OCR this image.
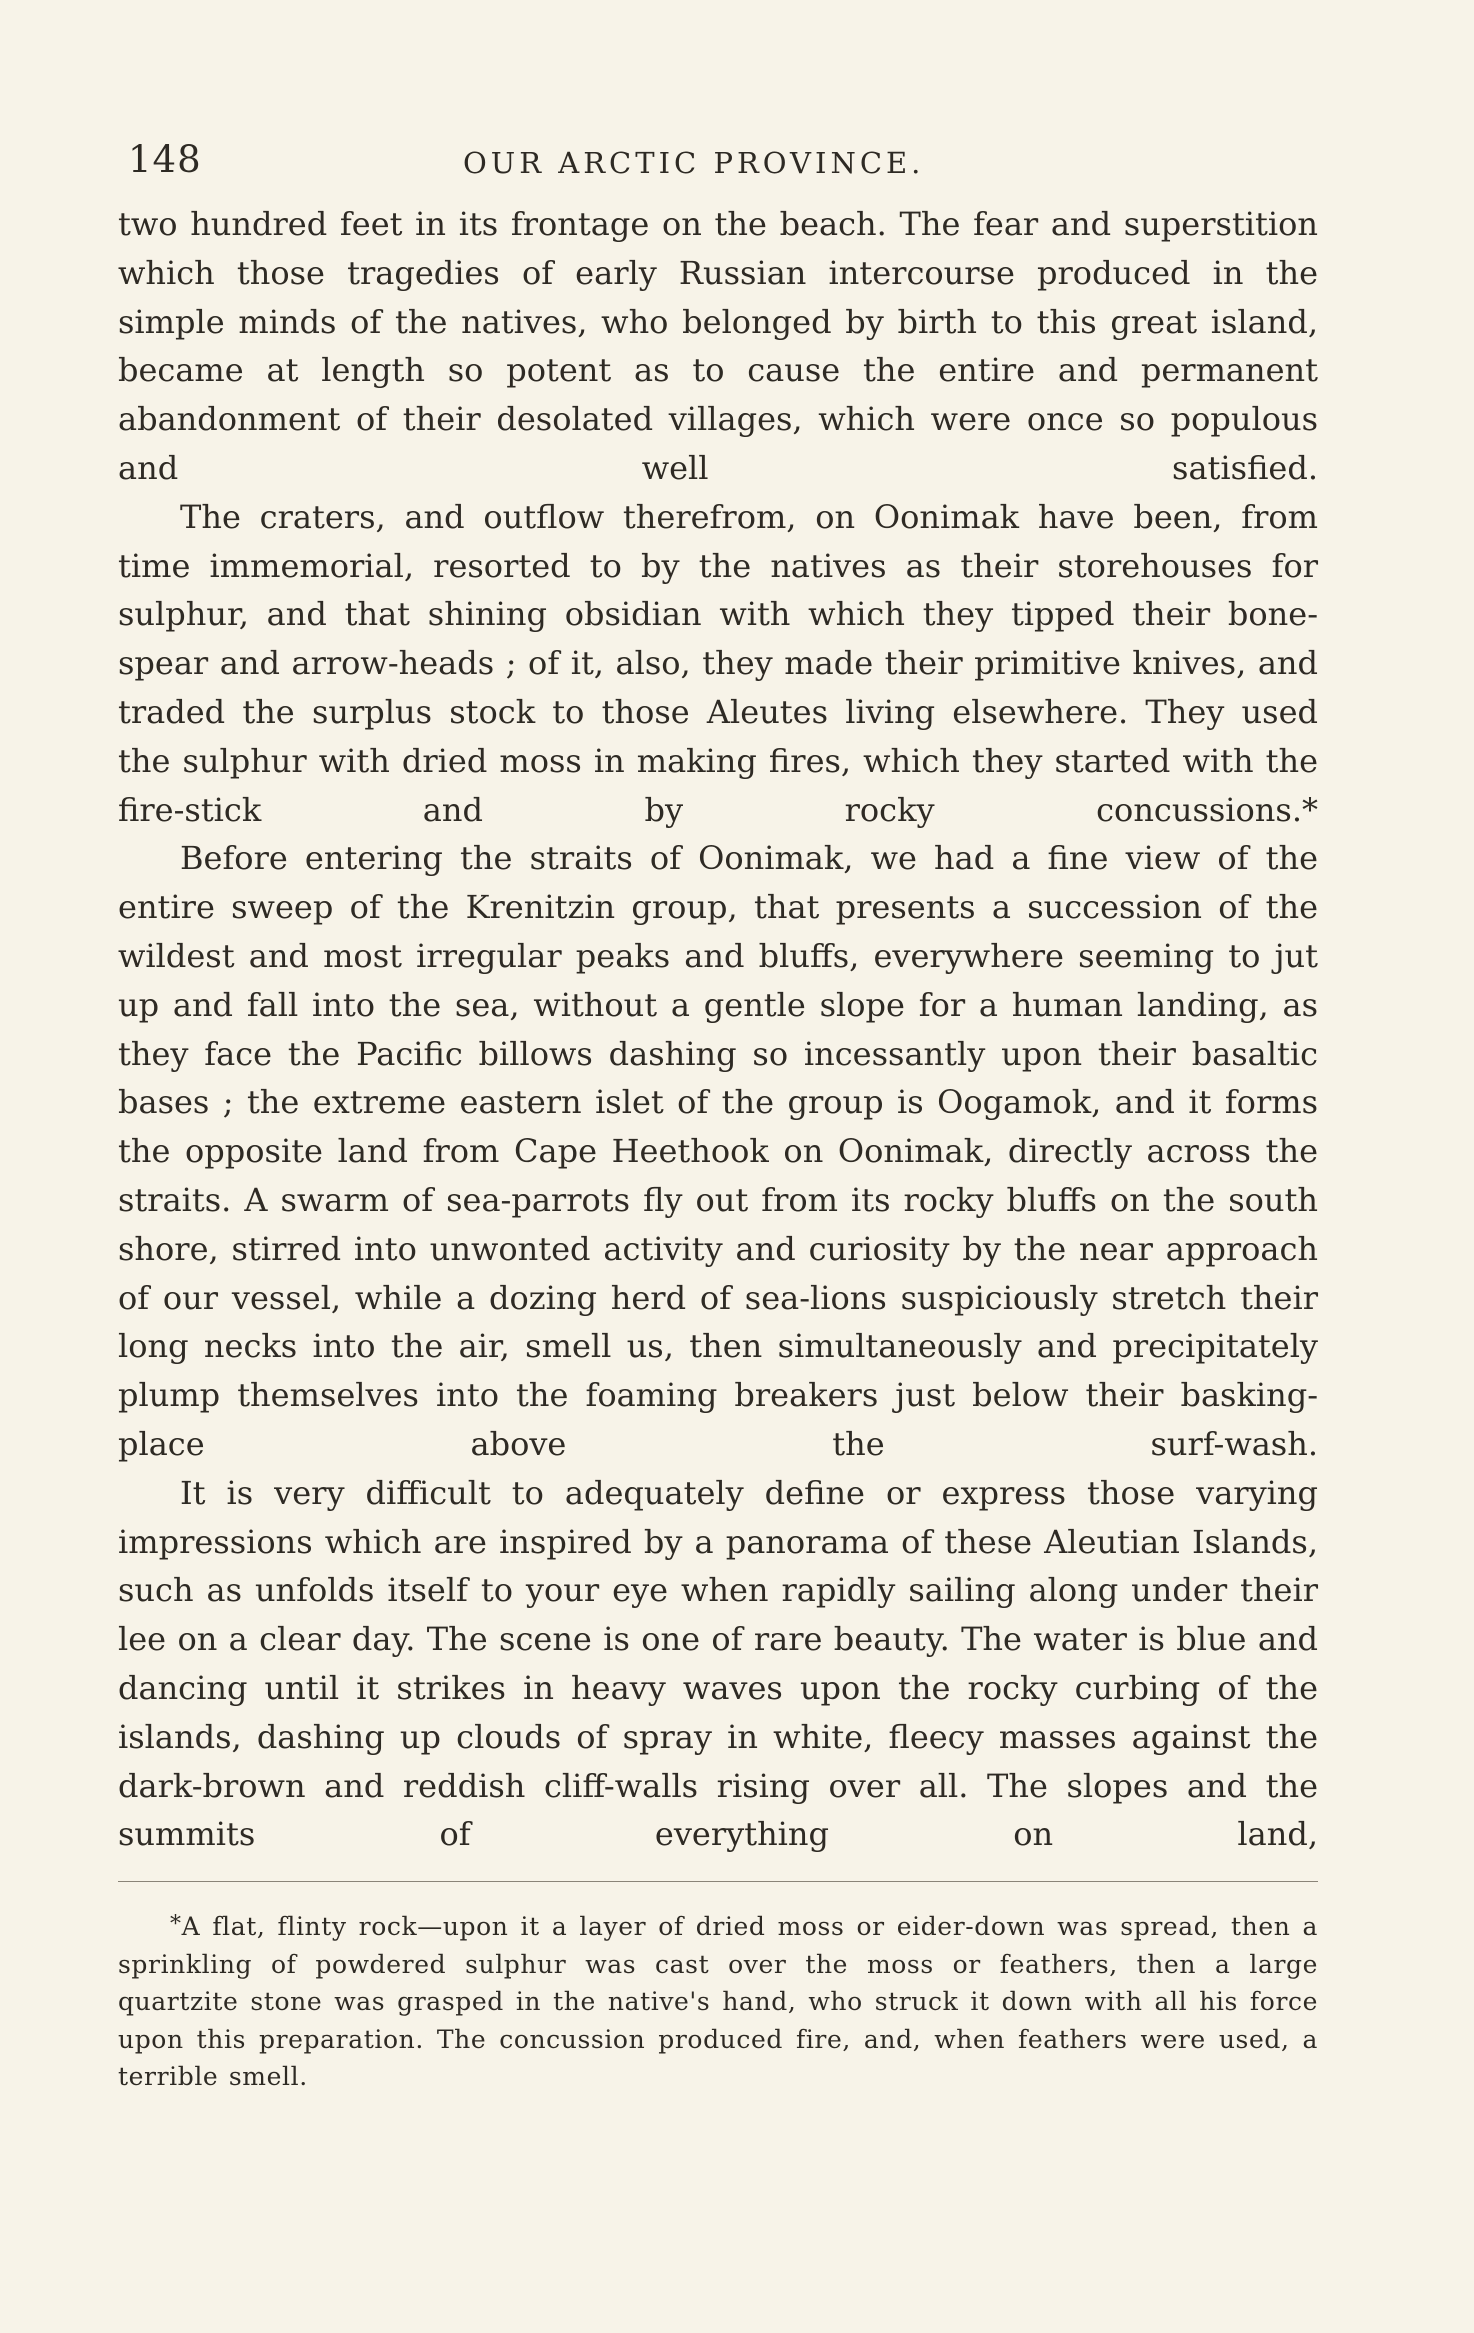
148	OUR ARCTIC PROVINCE.

two hundred feet in its frontage on the beach. The fear and superstition which those tragedies of early Russian intercourse produced in the simple minds of the natives, who belonged by birth to this great island, became at length so potent as to cause the entire and permanent abandonment of their desolated villages, which were once so populous and well satisfied.

The craters, and outflow therefrom, on Oonimak have been, from time immemorial, resorted to by the natives as their storehouses for sulphur, and that shining obsidian with which they tipped their bone-spear and arrow-heads ; of it, also, they made their primitive knives, and traded the surplus stock to those Aleutes living elsewhere. They used the sulphur with dried moss in making fires, which they started with the fire-stick and by rocky concussions.*

Before entering the straits of Oonimak, we had a fine view of the entire sweep of the Krenitzin group, that presents a succession of the wildest and most irregular peaks and bluffs, everywhere seeming to jut up and fall into the sea, without a gentle slope for a human landing, as they face the Pacific billows dashing so incessantly upon their basaltic bases ; the extreme eastern islet of the group is Oogamok, and it forms the opposite land from Cape Heethook on Oonimak, directly across the straits. A swarm of sea-parrots fly out from its rocky bluffs on the south shore, stirred into unwonted activity and curiosity by the near approach of our vessel, while a dozing herd of sea-lions suspiciously stretch their long necks into the air, smell us, then simultaneously and precipitately plump themselves into the foaming breakers just below their basking-place above the surf-wash.

It is very difficult to adequately define or express those varying impressions which are inspired by a panorama of these Aleutian Islands, such as unfolds itself to your eye when rapidly sailing along under their lee on a clear day. The scene is one of rare beauty. The water is blue and dancing until it strikes in heavy waves upon the rocky curbing of the islands, dashing up clouds of spray in white, fleecy masses against the dark-brown and reddish cliff-walls rising over all. The slopes and the summits of everything on land,

*A flat, flinty rock—upon it a layer of dried moss or eider-down was spread, then a sprinkling of powdered sulphur was cast over the moss or feathers, then a large quartzite stone was grasped in the native's hand, who struck it down with all his force upon this preparation. The concussion produced fire, and, when feathers were used, a terrible smell.
